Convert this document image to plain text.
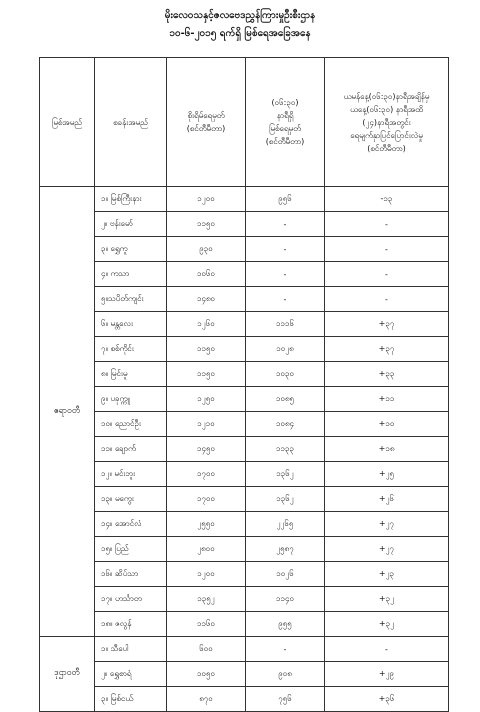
မိုးလေဝသနှင့်ဇလဗေဒညွှန်ကြားမှုဦးစီးဌာန
၁၀-၆-၂၀၁၅ ရက်ရှိ မြစ်ရေအခြေအနေ
မြစ်အမည်	စခန်းအမည်	စိုးရိမ်ရေမှတ်
(စင်တီမီတာ)	(၀၆:၃၀)
နာရီရှိ
မြစ်ရေမှတ်
(စင်တီမီတာ)	ယမန်နေ့(၀၆:၃၀)နာရီအချိန်မှ
ယနေ့(၀၆:၃၀) နာရီအထိ
(၂၄)နာရီအတွင်း
ရေမျက်နှာပြင်ပြောင်းလဲမှု
(စင်တီမီတာ)

ဧရာဝတီ	၁။ မြစ်ကြီးနား	၁၂၀၀	၉၅၆	-၁၃
	၂။ ဗန်းမော်	၁၁၅၀	-	-
	၃။ ရွှေကူ	၉၃၀	-	-
	၄။ ကသာ	၁၀၆၀	-	-
	၅။သပိတ်ကျင်း	၁၄၈၀	-	-
	၆။ မန္တလေး	၁၂၆၀	၁၁၁၆	+၃၇
	၇။ စစ်ကိုင်း	၁၁၅၀	၁၀၂၈	+၃၇
	၈။ မြင်းမူ	၁၁၅၀	၁၀၃၀	+၃၃
	၉။ ပခုက္ကူ	၁၂၅၀	၁၀၈၅	+၁၁
	၁၀။ ညောင်ဦး	၁၂၁၀	၁၀၈၄	+၁၀
	၁၁။ ချောက်	၁၄၅၀	၁၁၃၃	+၁၈
	၁၂။ မင်းဘူး	၁၇၀၀	၁၃၆၂	+၂၅
	၁၃။ မကွေး	၁၇၀၀	၁၃၆၂	+၂၆
	၁၄။ အောင်လံ	၂၅၅၀	၂၂၆၅	+၂၇
	၁၅။ ပြည်	၂၈၀၀	၂၅၈၇	+၂၇
	၁၆။ ဆိပ်သာ	၁၂၀၀	၁၀၂၆	+၂၃
	၁၇။ ဟင်္သာတ	၁၃၅၂	၁၁၄၀	+၃၂
	၁၈။ ဇလွန်	၁၁၆၀	၉၅၅	+၃၂
ဒုဌာဝတီ	၁။ သီပေါ	၆၀၀	-	-
	၂။ ရွှေစာရံ	၁၀၅၀	၉၀၈	+၂၉
	၃။ မြစ်ငယ်	၈၇၀	၇၅၆	+၃၆
